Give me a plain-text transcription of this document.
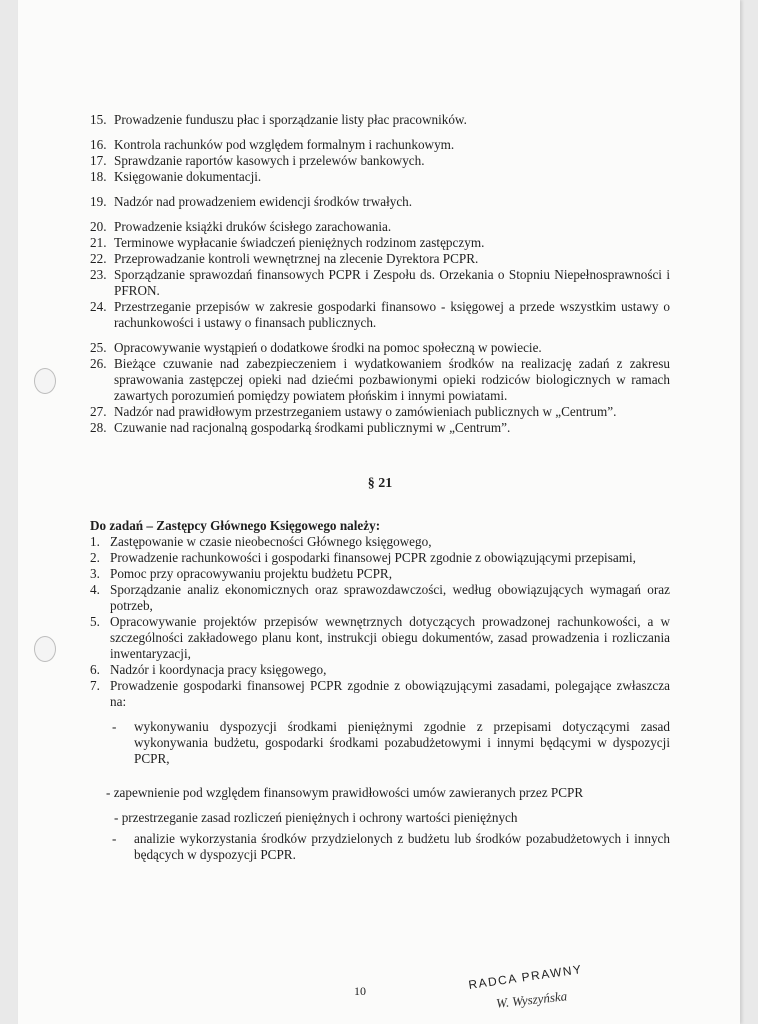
15. Prowadzenie funduszu płac i sporządzanie listy płac pracowników.
16. Kontrola rachunków pod względem formalnym i rachunkowym.
17. Sprawdzanie raportów kasowych i przelewów bankowych.
18. Księgowanie dokumentacji.
19. Nadzór nad prowadzeniem ewidencji środków trwałych.
20. Prowadzenie książki druków ścisłego zarachowania.
21. Terminowe wypłacanie świadczeń pieniężnych rodzinom zastępczym.
22. Przeprowadzanie kontroli wewnętrznej na zlecenie Dyrektora PCPR.
23. Sporządzanie sprawozdań finansowych PCPR i Zespołu ds. Orzekania o Stopniu Niepełnosprawności i PFRON.
24. Przestrzeganie przepisów w zakresie gospodarki finansowo - księgowej a przede wszystkim ustawy o rachunkowości i ustawy o finansach publicznych.
25. Opracowywanie wystąpień o dodatkowe środki na pomoc społeczną w powiecie.
26. Bieżące czuwanie nad zabezpieczeniem i wydatkowaniem środków na realizację zadań z zakresu sprawowania zastępczej opieki nad dziećmi pozbawionymi opieki rodziców biologicznych w ramach zawartych porozumień pomiędzy powiatem płońskim i innymi powiatami.
27. Nadzór nad prawidłowym przestrzeganiem ustawy o zamówieniach publicznych w „Centrum”.
28. Czuwanie nad racjonalną gospodarką środkami publicznymi w „Centrum”.
§ 21
Do zadań – Zastępcy Głównego Księgowego należy:
1. Zastępowanie w czasie nieobecności Głównego księgowego,
2. Prowadzenie rachunkowości i gospodarki finansowej PCPR zgodnie z obowiązującymi przepisami,
3. Pomoc przy opracowywaniu projektu budżetu PCPR,
4. Sporządzanie analiz ekonomicznych oraz sprawozdawczości, według obowiązujących wymagań oraz potrzeb,
5. Opracowywanie projektów przepisów wewnętrznych dotyczących prowadzonej rachunkowości, a w szczególności zakładowego planu kont, instrukcji obiegu dokumentów, zasad prowadzenia i rozliczania inwentaryzacji,
6. Nadzór i koordynacja pracy księgowego,
7. Prowadzenie gospodarki finansowej PCPR zgodnie z obowiązującymi zasadami, polegające zwłaszcza na:
- wykonywaniu dyspozycji środkami pieniężnymi zgodnie z przepisami dotyczącymi zasad wykonywania budżetu, gospodarki środkami pozabudżetowymi i innymi będącymi w dyspozycji PCPR,
- zapewnienie pod względem finansowym prawidłowości umów zawieranych przez PCPR
- przestrzeganie zasad rozliczeń pieniężnych i ochrony wartości pieniężnych
- analizie wykorzystania środków przydzielonych z budżetu lub środków pozabudżetowych i innych będących w dyspozycji PCPR.
10	RADCA PRAWNY
W. Wyszyńska
